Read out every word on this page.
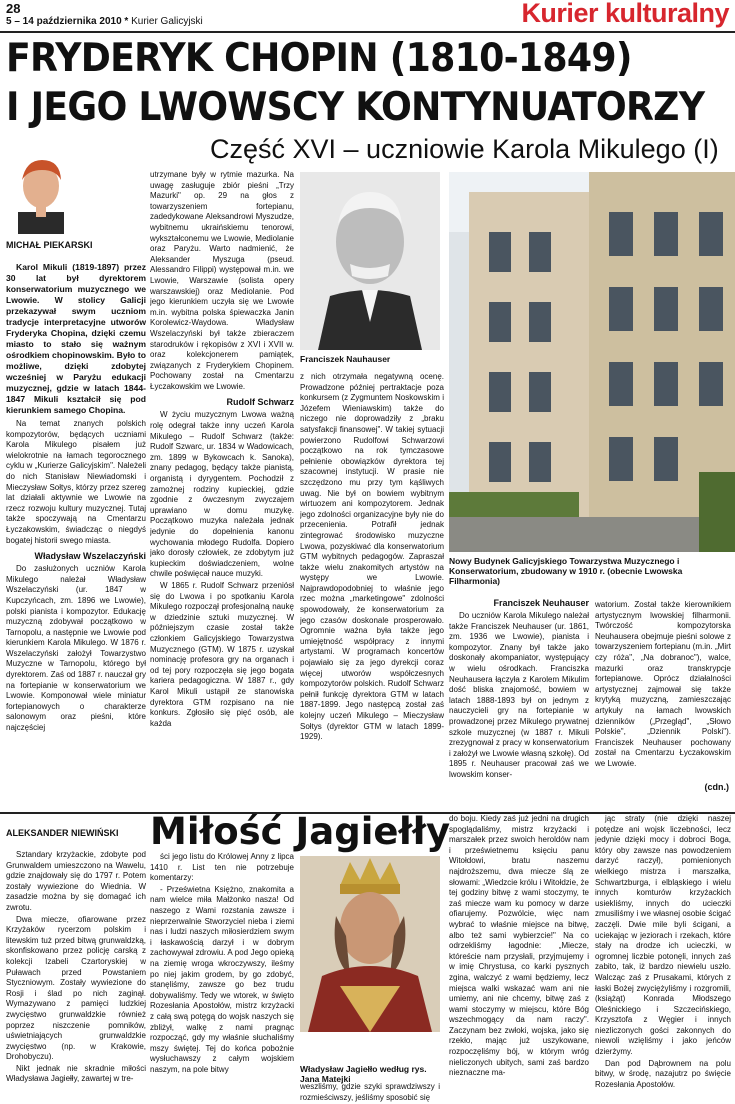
28
5 – 14 października 2010 * Kurier Galicyjski	Kurier kulturalny
FRYDERYK CHOPIN (1810-1849)
I JEGO LWOWSCY KONTYNUATORZY
Część XVI – uczniowie Karola Mikulego (I)
MICHAŁ PIEKARSKI

Karol Mikuli (1819-1897) przez 30 lat był dyrektorem konserwatorium muzycznego we Lwowie. W stolicy Galicji przekazywał swym uczniom tradycje interpretacyjne utworów Fryderyka Chopina, dzięki czemu miasto to stało się ważnym ośrodkiem chopinowskim. Było to możliwe, dzięki zdobytej wcześniej w Paryżu edukacji muzycznej, gdzie w latach 1844-1847 Mikuli kształcił się pod kierunkiem samego Chopina.

Na temat znanych polskich kompozytorów, będących uczniami Karola Mikulego pisałem już wielokrotnie na łamach tegorocznego cyklu w „Kurierze Galicyjskim". Należeli do nich Stanisław Niewiadomski i Mieczysław Sołtys, którzy przez szereg lat działali aktywnie we Lwowie na rzecz rozwoju kultury muzycznej. Tutaj także spoczywają na Cmentarzu Łyczakowskim, świadcząc o niegdyś bogatej historii swego miasta.

Władysław Wszelaczyński

Do zasłużonych uczniów Karola Mikulego należał Władysław Wszelaczyński (ur. 1847 w Kupczyńcach, zm. 1896 we Lwowie), polski pianista i kompozytor. Edukację muzyczną zdobywał początkowo w Tarnopolu, a następnie we Lwowie pod kierunkiem Karola Mikulego. W 1876 r. Wszelaczyński założył Towarzystwo Muzyczne w Tarnopolu, którego był dyrektorem. Zaś od 1887 r. nauczał gry na fortepianie w konserwatorium we Lwowie. Komponował wiele miniatur fortepianowych o charakterze salonowym oraz pieśni, które najczęściej

utrzymane były w rytmie mazurka. Na uwagę zasługuje zbiór pieśni „Trzy Mazurki" op. 29 na głos z towarzyszeniem fortepianu, zadedykowane Aleksandrowi Myszudze, wybitnemu ukraińskiemu tenorowi, wykształconemu we Lwowie, Mediolanie oraz Paryżu. Warto nadmienić, że Aleksander Myszuga (pseud. Alessandro Filippi) występował m.in. we Lwowie, Warszawie (solista opery warszawskiej) oraz Mediolanie. Pod jego kierunkiem uczyła się we Lwowie m.in. wybitna polska śpiewaczka Janin Korolewicz-Waydowa. Władysław Wszelaczyński był także zbieraczem starodruków i rękopisów z XVI i XVII w. oraz kolekcjonerem pamiątek, związanych z Fryderykiem Chopinem. Pochowany został na Cmentarzu Łyczakowskim we Lwowie.

Rudolf Schwarz

W życiu muzycznym Lwowa ważną rolę odegrał także inny uczeń Karola Mikulego – Rudolf Schwarz (także: Rudolf Szwarc, ur. 1834 w Wadowicach, zm. 1899 w Bykowcach k. Sanoka), znany pedagog, będący także pianistą, organistą i dyrygentem. Pochodził z zamożnej rodziny kupieckiej, gdzie zgodnie z ówczesnym zwyczajem uprawiano w domu muzykę. Początkowo muzyka należała jednak jedynie do dopełnienia kanonu wychowania młodego Rudolfa. Dopiero jako dorosły człowiek, ze zdobytym już kupieckim doświadczeniem, wolne chwile poświęcał nauce muzyki.

W 1865 r. Rudolf Schwarz przeniósł się do Lwowa i po spotkaniu Karola Mikulego rozpoczął profesjonalną naukę w dziedzinie sztuki muzycznej. W późniejszym czasie został także członkiem Galicyjskiego Towarzystwa Muzycznego (GTM). W 1875 r. uzyskał nominację profesora gry na organach i od tej pory rozpoczęła się jego bogata kariera pedagogiczna. W 1887 r., gdy Karol Mikuli ustąpił ze stanowiska dyrektora GTM rozpisano na nie konkurs. Zgłosiło się pięć osób, ale każda

Franciszek Nauhauser

z nich otrzymała negatywną ocenę. Prowadzone później pertraktacje poza konkursem (z Zygmuntem Noskowskim i Józefem Wieniawskim) także do niczego nie doprowadziły z „braku satysfakcji finansowej". W takiej sytuacji powierzono Rudolfowi Schwarzowi początkowo na rok tymczasowe pełnienie obowiązków dyrektora tej szacownej instytucji. W prasie nie szczędzono mu przy tym kąśliwych uwag. Nie był on bowiem wybitnym wirtuozem ani kompozytorem. Jednak jego zdolności organizacyjne były nie do przecenienia. Potrafił jednak zintegrować środowisko muzyczne Lwowa, pozyskiwać dla konserwatorium GTM wybitnych pedagogów. Zapraszał także wielu znakomitych artystów na występy we Lwowie. Najprawdopodobniej to właśnie jego rzec można „marketingowe" zdolności spowodowały, że konserwatorium za jego czasów doskonale prosperowało. Ogromnie ważna była także jego umiejętność współpracy z innymi artystami. W programach koncertów pojawiało się za jego dyrekcji coraz więcej utworów współczesnych kompozytorów polskich. Rudolf Schwarz pełnił funkcję dyrektora GTM w latach 1887-1899. Jego następcą został zaś kolejny uczeń Mikulego – Mieczysław Sołtys (dyrektor GTM w latach 1899-1929).

Nowy Budynek Galicyjskiego Towarzystwa Muzycznego i Konserwatorium, zbudowany w 1910 r. (obecnie Lwowska Filharmonia)
Franciszek Neuhauser

Do uczniów Karola Mikulego należał także Franciszek Neuhauser (ur. 1861, zm. 1936 we Lwowie), pianista i kompozytor. Znany był także jako doskonały akompaniator, występujący w wielu ośrodkach. Franciszka Neuhausera łączyła z Karolem Mikulim dość bliska znajomość, bowiem w latach 1888-1893 był on jednym z nauczycieli gry na fortepianie w prowadzonej przez Mikulego prywatnej szkole muzycznej (w 1887 r. Mikuli zrezygnował z pracy w konserwatorium i założył we Lwowie własną szkołę). Od 1895 r. Neuhauser pracował zaś we lwowskim konser-

watorium. Został także kierownikiem artystycznym lwowskiej filharmonii. Twórczość kompozytorska Neuhausera obejmuje pieśni solowe z towarzyszeniem fortepianu (m.in. „Mirt czy róża", „Na dobranoc"), walce, mazurki oraz transkrypcje fortepianowe. Oprócz działalności artystycznej zajmował się także krytyką muzyczną, zamieszczając artykuły na łamach lwowskich dzienników („Przegląd", „Słowo Polskie", „Dziennik Polski"). Franciszek Neuhauser pochowany został na Cmentarzu Łyczakowskim we Lwowie.

(cdn.)
ALEKSANDER NIEWIŃSKI Miłość Jagiełły

Sztandary krzyżackie, zdobyte pod Grunwaldem umieszczono na Wawelu, gdzie znajdowały się do 1797 r. Potem zostały wywiezione do Wiednia. W zasadzie można by się domagać ich zwrotu.

Dwa miecze, ofiarowane przez Krzyżaków rycerzom polskim i litewskim tuż przed bitwą grunwaldzką, skonfiskowano przez policję carską z kolekcji Izabeli Czartoryskiej w Puławach przed Powstaniem Styczniowym. Zostały wywiezione do Rosji i ślad po nich zaginął. Wymazywano z pamięci ludzkiej zwycięstwo grunwaldzkie również poprzez niszczenie pomników, uświetniających grunwaldzkie zwycięstwo (np. w Krakowie, Drohobyczu).

Nikt jednak nie skradnie miłości Władysława Jagiełły, zawartej w tre-

ści jego listu do Królowej Anny z lipca 1410 r. List ten nie potrzebuje komentarzy:

- Prześwietna Księżno, znakomita a nam wielce miła Małżonko nasza! Od naszego z Wami rozstania zawsze i nieprzerwalnie Stworzyciel nieba i ziemi nas i ludzi naszych miłosierdziem swym i łaskawością darzył i w dobrym zachowywał zdrowiu. A pod Jego opieką na ziemię wroga wkroczywszy, ileśmy po niej jakim grodem, by go zdobyć, stanęliśmy, zawsze go bez trudu dobywaliśmy. Tedy we wtorek, w święto Rozesłania Apostołów, mistrz krzyżacki z całą swą potęgą do wojsk naszych się zbliżył, walkę z nami pragnąc rozpocząć, gdy my właśnie słuchaliśmy mszy świętej. Tej do końca pobożnie wysłuchawszy z całym wojskiem naszym, na pole bitwy	Władysław Jagiełło według rys. Jana Matejki
weszliśmy, gdzie szyki sprawdziwszy i rozmieściwszy, jeśliśmy sposobić się
do boju. Kiedy zaś już jedni na drugich spoglądaliśmy, mistrz krzyżacki i marszałek przez swoich heroldów nam i prześwietnemu księciu panu Witołdowi, bratu naszemu najdroższemu, dwa miecze ślą ze słowami: „Wiedzcie królu i Witołdzie, że tej godziny bitwę z wami stoczymy, te zaś miecze wam ku pomocy w darze ofiarujemy. Pozwólcie, więc nam wybrać to właśnie miejsce na bitwę, albo też sami wybierzcie!" Na co odrzekliśmy łagodnie: „Miecze, któreście nam przysłali, przyjmujemy i w imię Chrystusa, co karki pysznych zgina, walczyć z wami będziemy, lecz miejsca walki wskazać wam ani nie umiemy, ani nie chcemy, bitwę zaś z wami stoczymy w miejscu, które Bóg wszechmogący da nam raczy". Zaczynam bez zwłoki, wojska, jako się rzekło, mając już uszykowane, rozpoczęliśmy bój, w którym wróg nieliczonych ubitych, sami zaś bardzo nieznaczne ma-

jąc straty (nie dzięki naszej potędze ani wojsk liczebności, lecz jedynie dzięki mocy i dobroci Boga, który oby zawsze nas powodzeniem darzyć raczył), pomienionych wielkiego mistrza i marszałka, Schwartzburga, i elbląskiego i wielu innych komturów krzyżackich usiekliśmy, innych do ucieczki zmusiliśmy i we własnej osobie ścigać zaczęli. Dwie mile byli ścigani, a uciekając w jeziorach i rzekach, które stały na drodze ich ucieczki, w ogromnej liczbie potonęli, innych zaś zabito, tak, iż bardzo niewielu uszło. Walcząc zaś z Prusakami, których z łaski Bożej zwyciężyliśmy i rozgromili, (książąt) Konrada Młodszego Oleśnickiego i Szczecińskiego, Krzysztofa z Węgier i innych niezliczonych gości zakonnych do niewoli wzięliśmy i jako jeńców dzierżymy.

Dan pod Dąbrownem na polu bitwy, w środę, nazajutrz po święcie Rozesłania Apostołów.
